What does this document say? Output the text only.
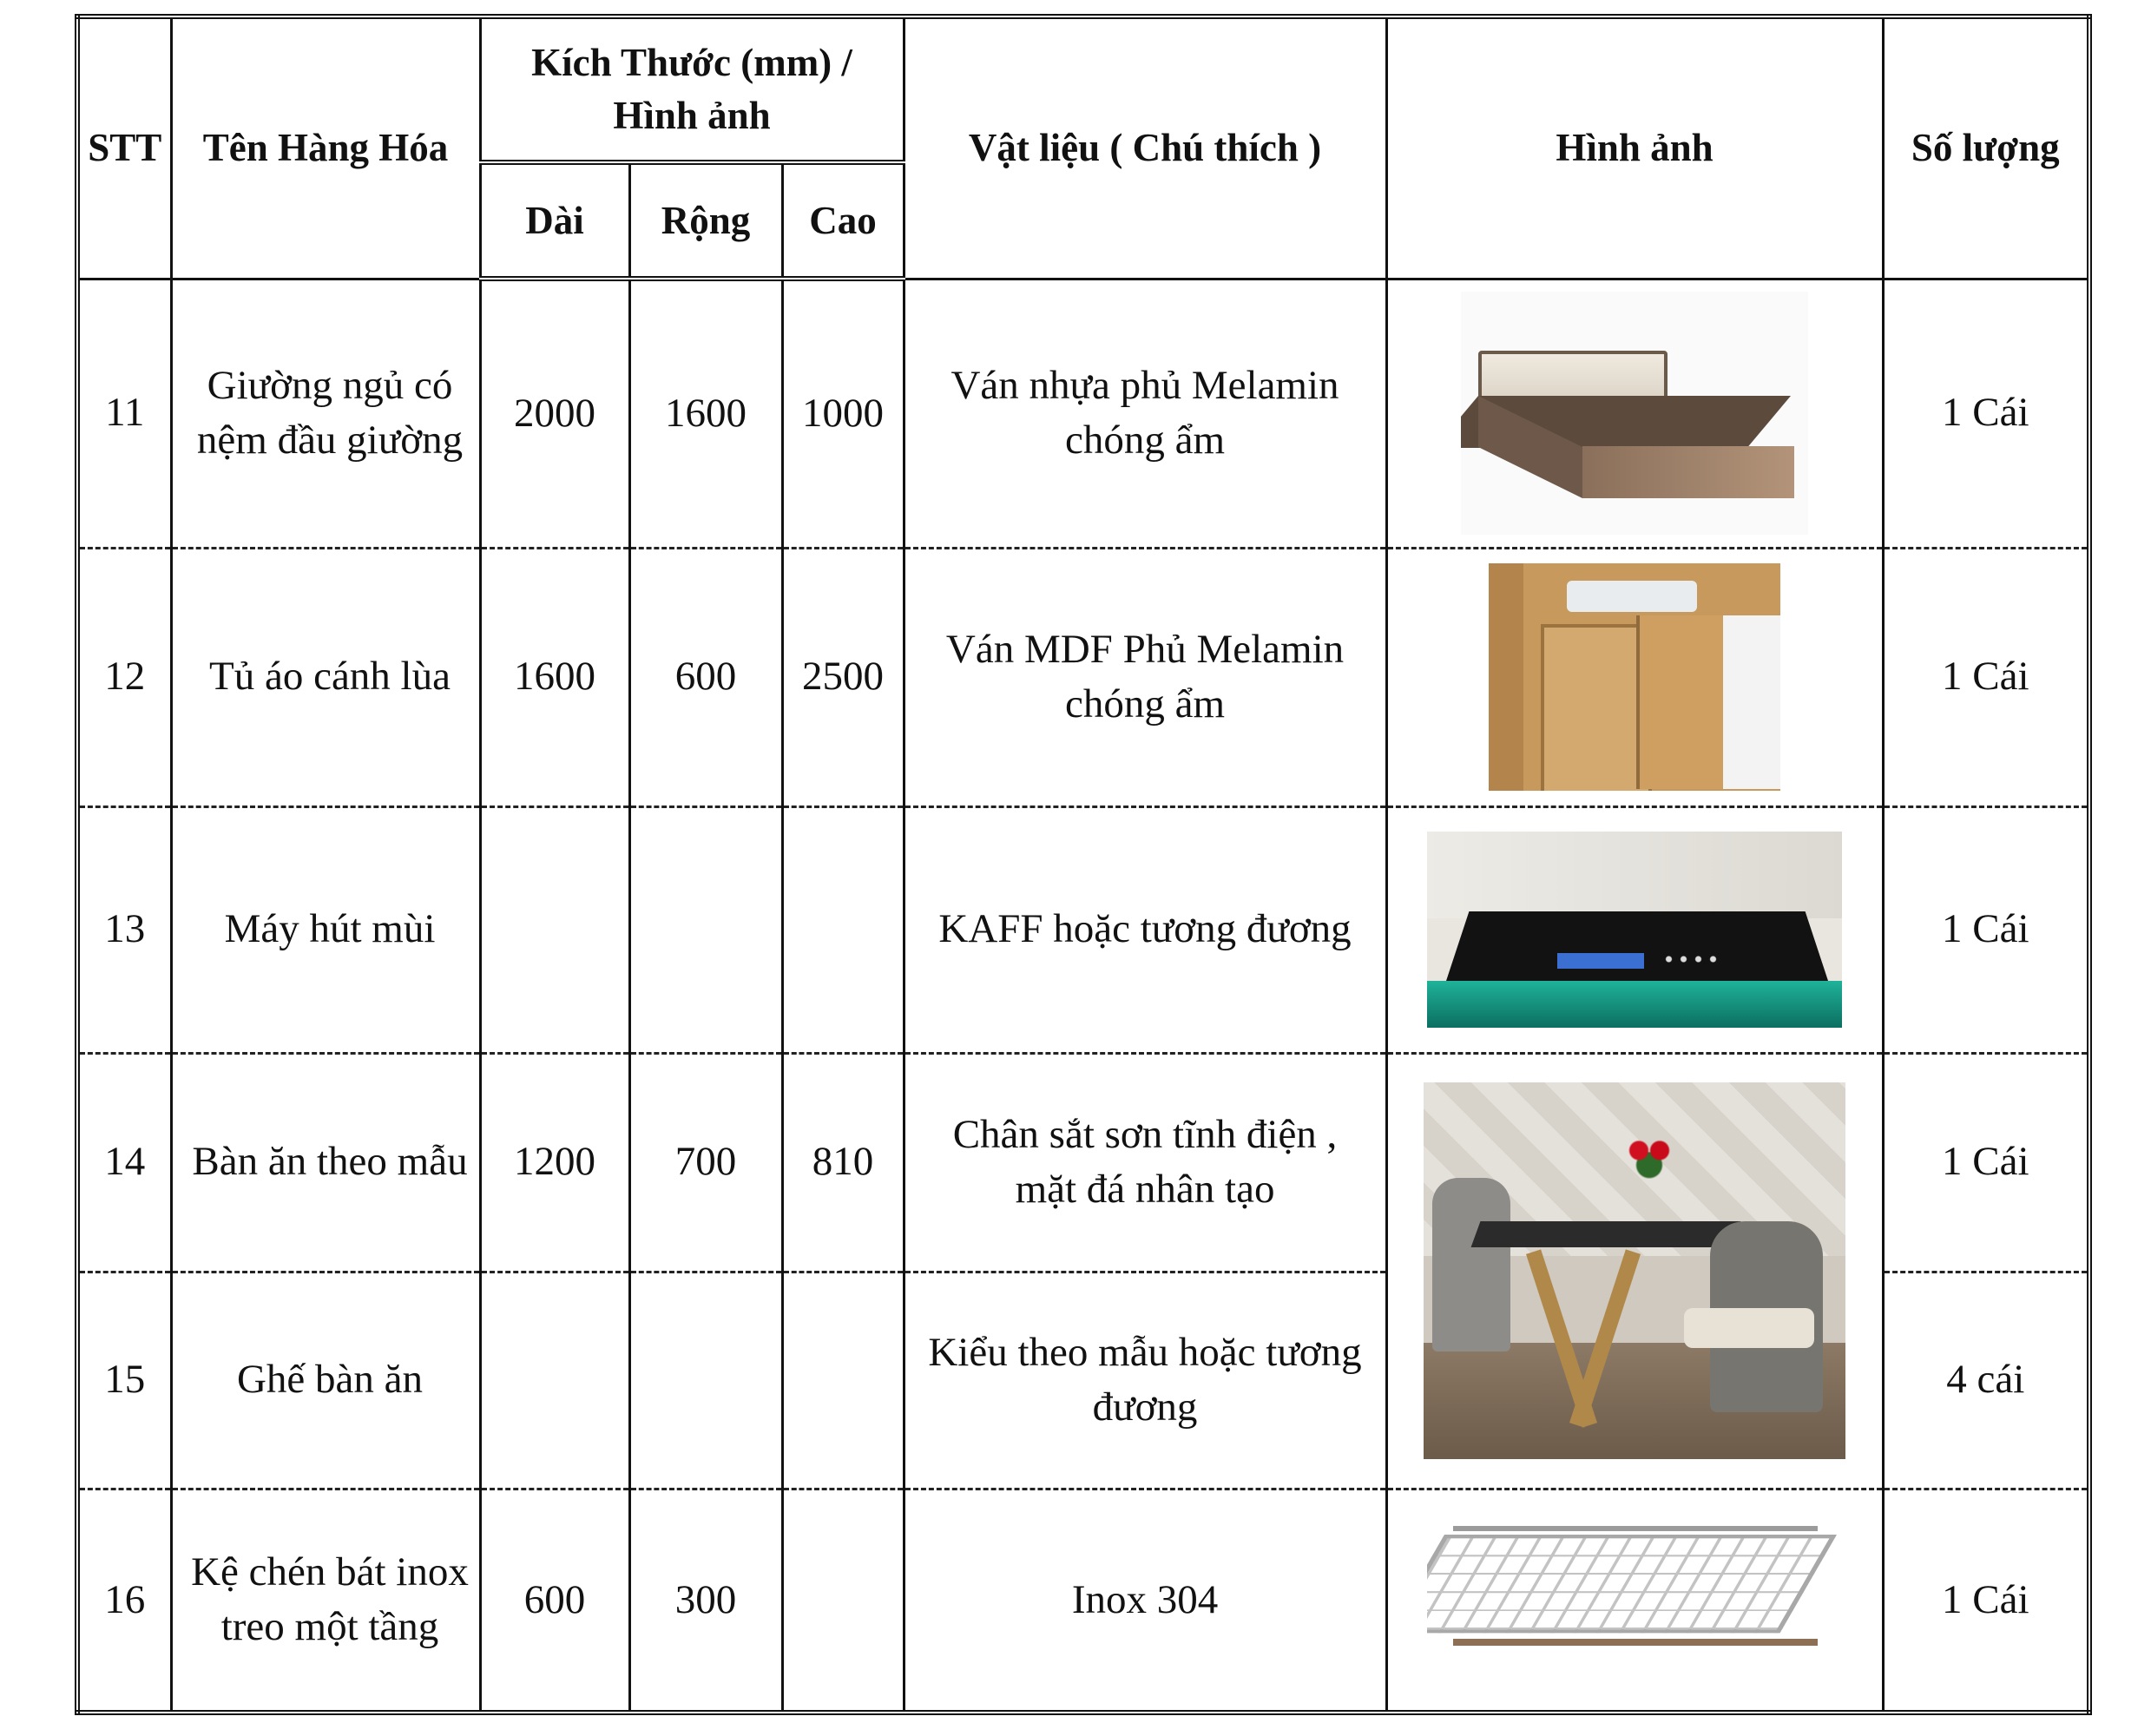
STT	Tên Hàng Hóa	Kích Thước (mm) / Hình ảnh			Vật liệu ( Chú thích )	Hình ảnh	Số lượng
		Dài	Rộng	Cao			
11	Giường ngủ có nệm đầu giường	2000	1600	1000	Ván nhựa phủ Melamin chóng ẩm		1 Cái
12	Tủ áo cánh lùa	1600	600	2500	Ván MDF Phủ Melamin chóng ẩm		1 Cái
13	Máy hút mùi				KAFF hoặc tương đương		1 Cái
14	Bàn ăn theo mẫu	1200	700	810	Chân sắt sơn tĩnh điện , mặt đá nhân tạo		1 Cái
15	Ghế bàn ăn				Kiểu theo mẫu hoặc tương đương		4 cái
16	Kệ chén bát inox treo một tầng	600	300		Inox 304		1 Cái
